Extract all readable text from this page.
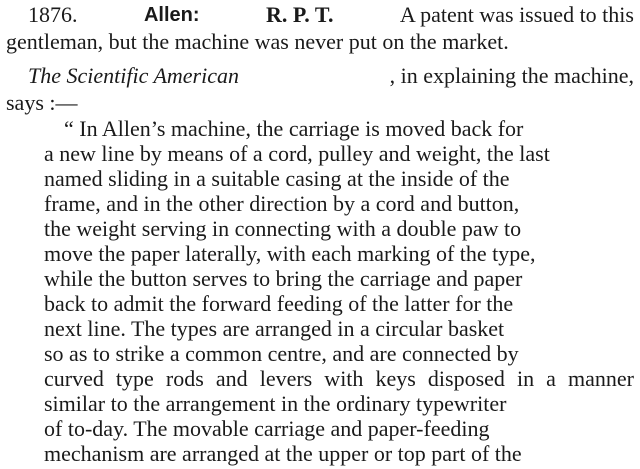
1876.	Allen:	R. P. T.	A patent was issued to this
gentleman, but the machine was never put on the market.
The Scientific American	, in explaining the machine,
says :—
“ In Allen’s machine, the carriage is moved back for
a new line by means of a cord, pulley and weight, the last
named sliding in a suitable casing at the inside of the
frame, and in the other direction by a cord and button,
the weight serving in connecting with a double paw to
move the paper laterally, with each marking of the type,
while the button serves to bring the carriage and paper
back to admit the forward feeding of the latter for the
next line. The types are arranged in a circular basket
so as to strike a common centre, and are connected by
curved type rods and levers with keys disposed in a manner
similar to the arrangement in the ordinary typewriter
of to-day. The movable carriage and paper-feeding
mechanism are arranged at the upper or top part of the
